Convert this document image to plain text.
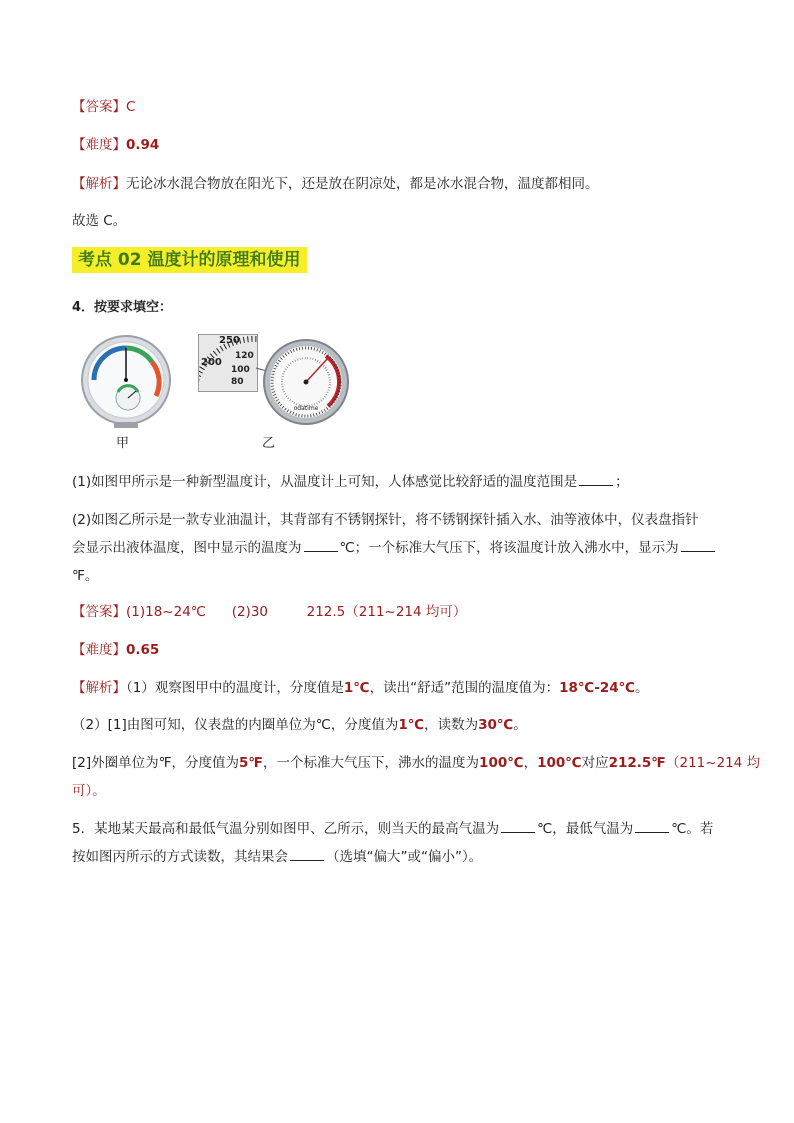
【答案】C
【难度】0.94
【解析】无论冰水混合物放在阳光下，还是放在阴凉处，都是冰水混合物，温度都相同。
故选 C。
考点 02 温度计的原理和使用
4．按要求填空：
甲
250
200
120
100
80
odatime
乙
(1)如图甲所示是一种新型温度计，从温度计上可知，人体感觉比较舒适的温度范围是	；
(2)如图乙所示是一款专业油温计，其背部有不锈钢探针，将不锈钢探针插入水、油等液体中，仪表盘指针
会显示出液体温度，图中显示的温度为	℃；一个标准大气压下，将该温度计放入沸水中，显示为
℉。
【答案】(1)18~24℃      (2)30         212.5（211~214 均可）
【难度】0.65
【解析】（1）观察图甲中的温度计，分度值是1℃，读出“舒适”范围的温度值为：18℃-24℃。
（2）[1]由图可知，仪表盘的内圈单位为℃，分度值为1℃，读数为30℃。
[2]外圈单位为℉，分度值为5℉，一个标准大气压下，沸水的温度为100℃，100℃对应212.5℉（211~214 均
可）。
5．某地某天最高和最低气温分别如图甲、乙所示，则当天的最高气温为	℃，最低气温为	℃。若
按如图丙所示的方式读数，其结果会	（选填“偏大”或“偏小”）。
